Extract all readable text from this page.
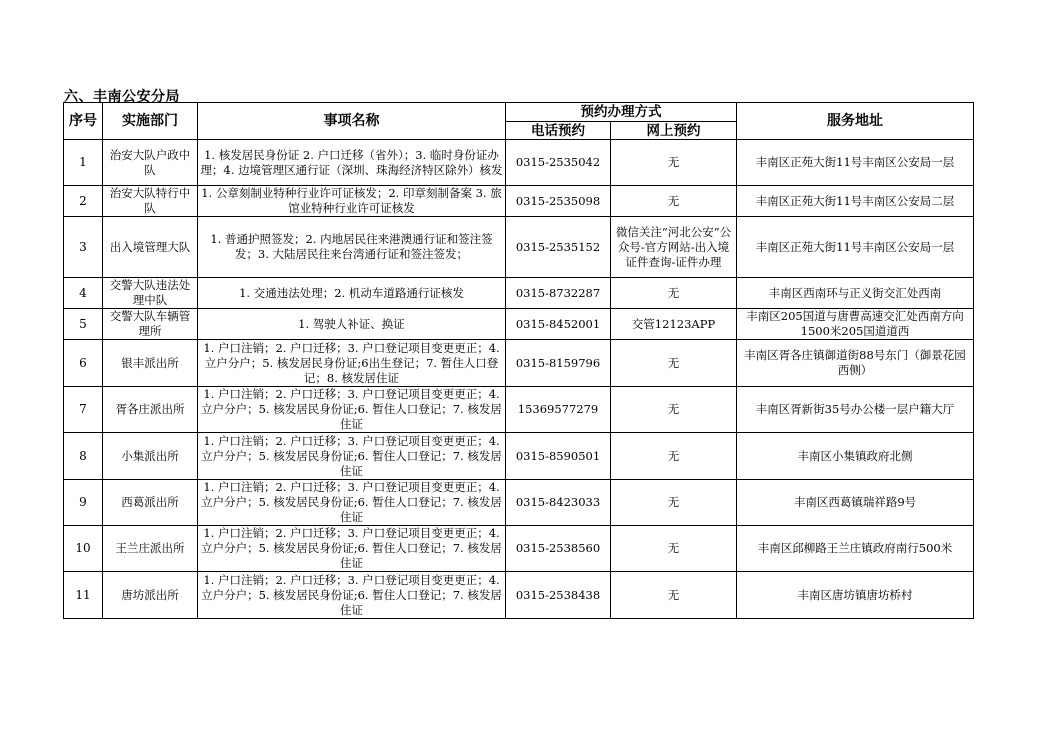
六、丰南公安分局
序号	实施部门	事项名称	预约办理方式		服务地址
			电话预约	网上预约	
1	治安大队户政中队	1. 核发居民身份证 2. 户口迁移（省外）；3. 临时身份证办理；4. 边境管理区通行证（深圳、珠海经济特区除外）核发	0315-2535042	无	丰南区正苑大街11号丰南区公安局一层
2	治安大队特行中队	1. 公章刻制业特种行业许可证核发；2. 印章刻制备案 3. 旅馆业特种行业许可证核发	0315-2535098	无	丰南区正苑大街11号丰南区公安局二层
3	出入境管理大队	1. 普通护照签发；2. 内地居民往来港澳通行证和签注签发；3. 大陆居民往来台湾通行证和签注签发；	0315-2535152	微信关注“河北公安”公众号-官方网站-出入境证件查询-证件办理	丰南区正苑大街11号丰南区公安局一层
4	交警大队违法处理中队	1. 交通违法处理；2. 机动车道路通行证核发	0315-8732287	无	丰南区西南环与正义街交汇处西南
5	交警大队车辆管理所	1. 驾驶人补证、换证	0315-8452001	交管12123APP	丰南区205国道与唐曹高速交汇处西南方向1500米205国道道西
6	银丰派出所	1. 户口注销；2. 户口迁移；3. 户口登记项目变更更正；4. 立户分户；5. 核发居民身份证;6出生登记；7. 暂住人口登记；8. 核发居住证	0315-8159796	无	丰南区胥各庄镇御道街88号东门（御景花园西侧）
7	胥各庄派出所	1. 户口注销；2. 户口迁移；3. 户口登记项目变更更正；4. 立户分户；5. 核发居民身份证;6. 暂住人口登记；7. 核发居住证	15369577279	无	丰南区胥新街35号办公楼一层户籍大厅
8	小集派出所	1. 户口注销；2. 户口迁移；3. 户口登记项目变更更正；4. 立户分户；5. 核发居民身份证;6. 暂住人口登记；7. 核发居住证	0315-8590501	无	丰南区小集镇政府北侧
9	西葛派出所	1. 户口注销；2. 户口迁移；3. 户口登记项目变更更正；4. 立户分户；5. 核发居民身份证;6. 暂住人口登记；7. 核发居住证	0315-8423033	无	丰南区西葛镇瑞祥路9号
10	王兰庄派出所	1. 户口注销；2. 户口迁移；3. 户口登记项目变更更正；4. 立户分户；5. 核发居民身份证;6. 暂住人口登记；7. 核发居住证	0315-2538560	无	丰南区邱柳路王兰庄镇政府南行500米
11	唐坊派出所	1. 户口注销；2. 户口迁移；3. 户口登记项目变更更正；4. 立户分户；5. 核发居民身份证;6. 暂住人口登记；7. 核发居住证	0315-2538438	无	丰南区唐坊镇唐坊桥村
